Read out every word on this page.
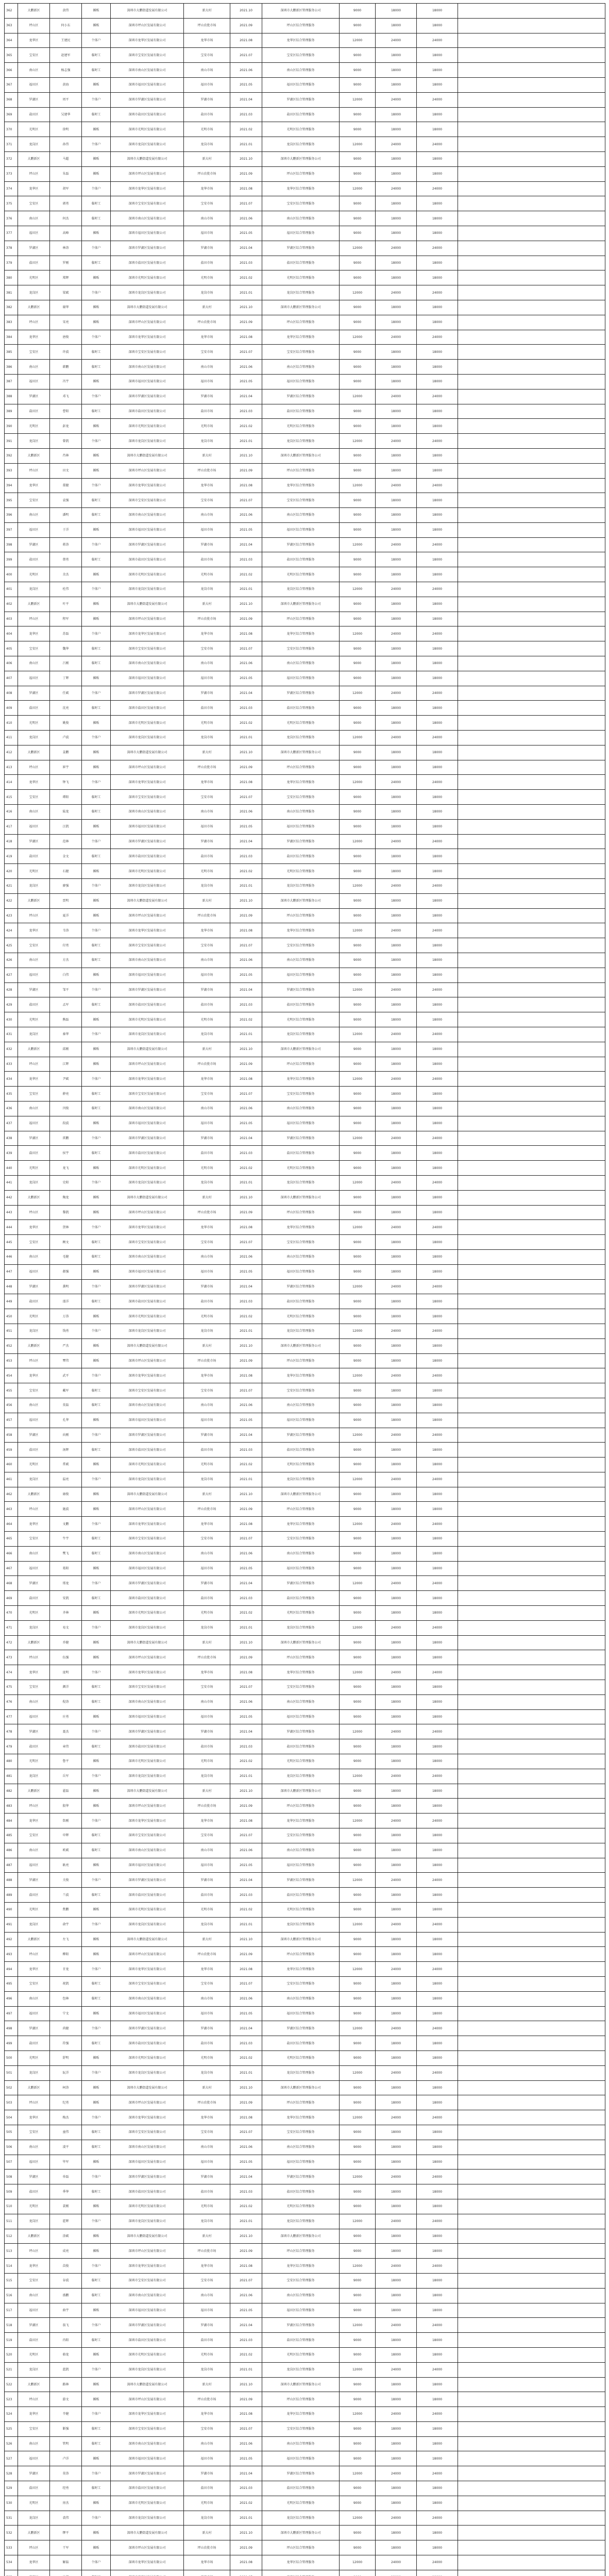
362	大鹏新区	黄伟	摊贩	深圳市大鹏街道发展有限公司	新大村	2021.10	深圳市大鹏新区管理服务公司	9000	18000	18000	
363	坪山区	何小东	摊贩	深圳市坪山区发展有限公司	坪山农批市场	2021.09	坪山区综合管理服务	9000	18000	18000	
364	龙华区	王建民	个体户	深圳市龙华区发展有限公司	龙华市场	2021.08	龙华区综合管理服务	12000	24000	24000	
365	宝安区	赵建军	临时工	深圳市宝安区发展有限公司	宝安市场	2021.07	宝安区综合管理服务	9000	18000	18000	
366	南山区	杨志强	临时工	深圳市南山区发展有限公司	南山市场	2021.06	南山区综合管理服务	9000	18000	18000	
367	福田区	黄海	摊贩	深圳市福田区发展有限公司	福田市场	2021.05	福田区综合管理服务	9000	18000	18000	
368	罗湖区	周平	个体户	深圳市罗湖区发展有限公司	罗湖市场	2021.04	罗湖区综合管理服务	12000	24000	24000	
369	盐田区	吴建华	临时工	深圳市盐田区发展有限公司	盐田市场	2021.03	盐田区综合管理服务	9000	18000	18000	
370	光明区	徐明	摊贩	深圳市光明区发展有限公司	光明市场	2021.02	光明区综合管理服务	9000	18000	18000	
371	龙岗区	孙伟	个体户	深圳市龙岗区发展有限公司	龙岗市场	2021.01	龙岗区综合管理服务	12000	24000	24000	
372	大鹏新区	马超	摊贩	深圳市大鹏街道发展有限公司	新大村	2021.10	深圳市大鹏新区管理服务公司	9000	18000	18000	
373	坪山区	朱磊	摊贩	深圳市坪山区发展有限公司	坪山农批市场	2021.09	坪山区综合管理服务	9000	18000	18000	
374	龙华区	胡军	个体户	深圳市龙华区发展有限公司	龙华市场	2021.08	龙华区综合管理服务	12000	24000	24000	
375	宝安区	郭勇	临时工	深圳市宝安区发展有限公司	宝安市场	2021.07	宝安区综合管理服务	9000	18000	18000	
376	南山区	何杰	临时工	深圳市南山区发展有限公司	南山市场	2021.06	南山区综合管理服务	9000	18000	18000	
377	福田区	高峰	摊贩	深圳市福田区发展有限公司	福田市场	2021.05	福田区综合管理服务	9000	18000	18000	
378	罗湖区	林涛	个体户	深圳市罗湖区发展有限公司	罗湖市场	2021.04	罗湖区综合管理服务	12000	24000	24000	
379	盐田区	罗刚	临时工	深圳市盐田区发展有限公司	盐田市场	2021.03	盐田区综合管理服务	9000	18000	18000	
380	光明区	郑辉	摊贩	深圳市光明区发展有限公司	光明市场	2021.02	光明区综合管理服务	9000	18000	18000	
381	龙岗区	梁斌	个体户	深圳市龙岗区发展有限公司	龙岗市场	2021.01	龙岗区综合管理服务	12000	24000	24000	
382	大鹏新区	谢华	摊贩	深圳市大鹏街道发展有限公司	新大村	2021.10	深圳市大鹏新区管理服务公司	9000	18000	18000	
383	坪山区	宋亮	摊贩	深圳市坪山区发展有限公司	坪山农批市场	2021.09	坪山区综合管理服务	9000	18000	18000	
384	龙华区	唐俊	个体户	深圳市龙华区发展有限公司	龙华市场	2021.08	龙华区综合管理服务	12000	24000	24000	
385	宝安区	许波	临时工	深圳市宝安区发展有限公司	宝安市场	2021.07	宝安区综合管理服务	9000	18000	18000	
386	南山区	韩鹏	临时工	深圳市南山区发展有限公司	南山市场	2021.06	南山区综合管理服务	9000	18000	18000	
387	福田区	冯宇	摊贩	深圳市福田区发展有限公司	福田市场	2021.05	福田区综合管理服务	9000	18000	18000	
388	罗湖区	邓飞	个体户	深圳市罗湖区发展有限公司	罗湖市场	2021.04	罗湖区综合管理服务	12000	24000	24000	
389	盐田区	曹阳	临时工	深圳市盐田区发展有限公司	盐田市场	2021.03	盐田区综合管理服务	9000	18000	18000	
390	光明区	彭龙	摊贩	深圳市光明区发展有限公司	光明市场	2021.02	光明区综合管理服务	9000	18000	18000	
391	龙岗区	曾凯	个体户	深圳市龙岗区发展有限公司	龙岗市场	2021.01	龙岗区综合管理服务	12000	24000	24000	
392	大鹏新区	肖林	摊贩	深圳市大鹏街道发展有限公司	新大村	2021.10	深圳市大鹏新区管理服务公司	9000	18000	18000	
393	坪山区	田文	摊贩	深圳市坪山区发展有限公司	坪山农批市场	2021.09	坪山区综合管理服务	9000	18000	18000	
394	龙华区	董健	个体户	深圳市龙华区发展有限公司	龙华市场	2021.08	龙华区综合管理服务	12000	24000	24000	
395	宝安区	袁强	临时工	深圳市宝安区发展有限公司	宝安市场	2021.07	宝安区综合管理服务	9000	18000	18000	
396	南山区	潘明	临时工	深圳市南山区发展有限公司	南山市场	2021.06	南山区综合管理服务	9000	18000	18000	
397	福田区	于洋	摊贩	深圳市福田区发展有限公司	福田市场	2021.05	福田区综合管理服务	9000	18000	18000	
398	罗湖区	蒋涛	个体户	深圳市罗湖区发展有限公司	罗湖市场	2021.04	罗湖区综合管理服务	12000	24000	24000	
399	盐田区	蔡勇	临时工	深圳市盐田区发展有限公司	盐田市场	2021.03	盐田区综合管理服务	9000	18000	18000	
400	光明区	余杰	摊贩	深圳市光明区发展有限公司	光明市场	2021.02	光明区综合管理服务	9000	18000	18000	
401	龙岗区	杜伟	个体户	深圳市龙岗区发展有限公司	龙岗市场	2021.01	龙岗区综合管理服务	12000	24000	24000	
402	大鹏新区	叶平	摊贩	深圳市大鹏街道发展有限公司	新大村	2021.10	深圳市大鹏新区管理服务公司	9000	18000	18000	
403	坪山区	程军	摊贩	深圳市坪山区发展有限公司	坪山农批市场	2021.09	坪山区综合管理服务	9000	18000	18000	
404	龙华区	苏磊	个体户	深圳市龙华区发展有限公司	龙华市场	2021.08	龙华区综合管理服务	12000	24000	24000	
405	宝安区	魏华	临时工	深圳市宝安区发展有限公司	宝安市场	2021.07	宝安区综合管理服务	9000	18000	18000	
406	南山区	吕刚	临时工	深圳市南山区发展有限公司	南山市场	2021.06	南山区综合管理服务	9000	18000	18000	
407	福田区	丁辉	摊贩	深圳市福田区发展有限公司	福田市场	2021.05	福田区综合管理服务	9000	18000	18000	
408	罗湖区	任斌	个体户	深圳市罗湖区发展有限公司	罗湖市场	2021.04	罗湖区综合管理服务	12000	24000	24000	
409	盐田区	沈亮	临时工	深圳市盐田区发展有限公司	盐田市场	2021.03	盐田区综合管理服务	9000	18000	18000	
410	光明区	姚俊	摊贩	深圳市光明区发展有限公司	光明市场	2021.02	光明区综合管理服务	9000	18000	18000	
411	龙岗区	卢波	个体户	深圳市龙岗区发展有限公司	龙岗市场	2021.01	龙岗区综合管理服务	12000	24000	24000	
412	大鹏新区	姜鹏	摊贩	深圳市大鹏街道发展有限公司	新大村	2021.10	深圳市大鹏新区管理服务公司	9000	18000	18000	
413	坪山区	崔宇	摊贩	深圳市坪山区发展有限公司	坪山农批市场	2021.09	坪山区综合管理服务	9000	18000	18000	
414	龙华区	钟飞	个体户	深圳市龙华区发展有限公司	龙华市场	2021.08	龙华区综合管理服务	12000	24000	24000	
415	宝安区	谭阳	临时工	深圳市宝安区发展有限公司	宝安市场	2021.07	宝安区综合管理服务	9000	18000	18000	
416	南山区	陆龙	临时工	深圳市南山区发展有限公司	南山市场	2021.06	南山区综合管理服务	9000	18000	18000	
417	福田区	汪凯	摊贩	深圳市福田区发展有限公司	福田市场	2021.05	福田区综合管理服务	9000	18000	18000	
418	罗湖区	范林	个体户	深圳市罗湖区发展有限公司	罗湖市场	2021.04	罗湖区综合管理服务	12000	24000	24000	
419	盐田区	金文	临时工	深圳市盐田区发展有限公司	盐田市场	2021.03	盐田区综合管理服务	9000	18000	18000	
420	光明区	石健	摊贩	深圳市光明区发展有限公司	光明市场	2021.02	光明区综合管理服务	9000	18000	18000	
421	龙岗区	廖强	个体户	深圳市龙岗区发展有限公司	龙岗市场	2021.01	龙岗区综合管理服务	12000	24000	24000	
422	大鹏新区	贾明	摊贩	深圳市大鹏街道发展有限公司	新大村	2021.10	深圳市大鹏新区管理服务公司	9000	18000	18000	
423	坪山区	夏洋	摊贩	深圳市坪山区发展有限公司	坪山农批市场	2021.09	坪山区综合管理服务	9000	18000	18000	
424	龙华区	韦涛	个体户	深圳市龙华区发展有限公司	龙华市场	2021.08	龙华区综合管理服务	12000	24000	24000	
425	宝安区	付勇	临时工	深圳市宝安区发展有限公司	宝安市场	2021.07	宝安区综合管理服务	9000	18000	18000	
426	南山区	方杰	临时工	深圳市南山区发展有限公司	南山市场	2021.06	南山区综合管理服务	9000	18000	18000	
427	福田区	白伟	摊贩	深圳市福田区发展有限公司	福田市场	2021.05	福田区综合管理服务	9000	18000	18000	
428	罗湖区	邹平	个体户	深圳市罗湖区发展有限公司	罗湖市场	2021.04	罗湖区综合管理服务	12000	24000	24000	
429	盐田区	孟军	临时工	深圳市盐田区发展有限公司	盐田市场	2021.03	盐田区综合管理服务	9000	18000	18000	
430	光明区	熊磊	摊贩	深圳市光明区发展有限公司	光明市场	2021.02	光明区综合管理服务	9000	18000	18000	
431	龙岗区	秦华	个体户	深圳市龙岗区发展有限公司	龙岗市场	2021.01	龙岗区综合管理服务	12000	24000	24000	
432	大鹏新区	邱刚	摊贩	深圳市大鹏街道发展有限公司	新大村	2021.10	深圳市大鹏新区管理服务公司	9000	18000	18000	
433	坪山区	江辉	摊贩	深圳市坪山区发展有限公司	坪山农批市场	2021.09	坪山区综合管理服务	9000	18000	18000	
434	龙华区	尹斌	个体户	深圳市龙华区发展有限公司	龙华市场	2021.08	龙华区综合管理服务	12000	24000	24000	
435	宝安区	薛亮	临时工	深圳市宝安区发展有限公司	宝安市场	2021.07	宝安区综合管理服务	9000	18000	18000	
436	南山区	闫俊	临时工	深圳市南山区发展有限公司	南山市场	2021.06	南山区综合管理服务	9000	18000	18000	
437	福田区	段波	摊贩	深圳市福田区发展有限公司	福田市场	2021.05	福田区综合管理服务	9000	18000	18000	
438	罗湖区	雷鹏	个体户	深圳市罗湖区发展有限公司	罗湖市场	2021.04	罗湖区综合管理服务	12000	24000	24000	
439	盐田区	侯宇	临时工	深圳市盐田区发展有限公司	盐田市场	2021.03	盐田区综合管理服务	9000	18000	18000	
440	光明区	龙飞	摊贩	深圳市光明区发展有限公司	光明市场	2021.02	光明区综合管理服务	9000	18000	18000	
441	龙岗区	史阳	个体户	深圳市龙岗区发展有限公司	龙岗市场	2021.01	龙岗区综合管理服务	12000	24000	24000	
442	大鹏新区	陶龙	摊贩	深圳市大鹏街道发展有限公司	新大村	2021.10	深圳市大鹏新区管理服务公司	9000	18000	18000	
443	坪山区	黎凯	摊贩	深圳市坪山区发展有限公司	坪山农批市场	2021.09	坪山区综合管理服务	9000	18000	18000	
444	龙华区	贺林	个体户	深圳市龙华区发展有限公司	龙华市场	2021.08	龙华区综合管理服务	12000	24000	24000	
445	宝安区	顾文	临时工	深圳市宝安区发展有限公司	宝安市场	2021.07	宝安区综合管理服务	9000	18000	18000	
446	南山区	毛健	临时工	深圳市南山区发展有限公司	南山市场	2021.06	南山区综合管理服务	9000	18000	18000	
447	福田区	郝强	摊贩	深圳市福田区发展有限公司	福田市场	2021.05	福田区综合管理服务	9000	18000	18000	
448	罗湖区	龚明	个体户	深圳市罗湖区发展有限公司	罗湖市场	2021.04	罗湖区综合管理服务	12000	24000	24000	
449	盐田区	邵洋	临时工	深圳市盐田区发展有限公司	盐田市场	2021.03	盐田区综合管理服务	9000	18000	18000	
450	光明区	万涛	摊贩	深圳市光明区发展有限公司	光明市场	2021.02	光明区综合管理服务	9000	18000	18000	
451	龙岗区	钱勇	个体户	深圳市龙岗区发展有限公司	龙岗市场	2021.01	龙岗区综合管理服务	12000	24000	24000	
452	大鹏新区	严杰	摊贩	深圳市大鹏街道发展有限公司	新大村	2021.10	深圳市大鹏新区管理服务公司	9000	18000	18000	
453	坪山区	覃伟	摊贩	深圳市坪山区发展有限公司	坪山农批市场	2021.09	坪山区综合管理服务	9000	18000	18000	
454	龙华区	武平	个体户	深圳市龙华区发展有限公司	龙华市场	2021.08	龙华区综合管理服务	12000	24000	24000	
455	宝安区	戴军	临时工	深圳市宝安区发展有限公司	宝安市场	2021.07	宝安区综合管理服务	9000	18000	18000	
456	南山区	莫磊	临时工	深圳市南山区发展有限公司	南山市场	2021.06	南山区综合管理服务	9000	18000	18000	
457	福田区	孔华	摊贩	深圳市福田区发展有限公司	福田市场	2021.05	福田区综合管理服务	9000	18000	18000	
458	罗湖区	向刚	个体户	深圳市罗湖区发展有限公司	罗湖市场	2021.04	罗湖区综合管理服务	12000	24000	24000	
459	盐田区	汤辉	临时工	深圳市盐田区发展有限公司	盐田市场	2021.03	盐田区综合管理服务	9000	18000	18000	
460	光明区	常斌	摊贩	深圳市光明区发展有限公司	光明市场	2021.02	光明区综合管理服务	9000	18000	18000	
461	龙岗区	温亮	个体户	深圳市龙岗区发展有限公司	龙岗市场	2021.01	龙岗区综合管理服务	12000	24000	24000	
462	大鹏新区	康俊	摊贩	深圳市大鹏街道发展有限公司	新大村	2021.10	深圳市大鹏新区管理服务公司	9000	18000	18000	
463	坪山区	施波	摊贩	深圳市坪山区发展有限公司	坪山农批市场	2021.09	坪山区综合管理服务	9000	18000	18000	
464	龙华区	文鹏	个体户	深圳市龙华区发展有限公司	龙华市场	2021.08	龙华区综合管理服务	12000	24000	24000	
465	宝安区	牛宇	临时工	深圳市宝安区发展有限公司	宝安市场	2021.07	宝安区综合管理服务	9000	18000	18000	
466	南山区	樊飞	临时工	深圳市南山区发展有限公司	南山市场	2021.06	南山区综合管理服务	9000	18000	18000	
467	福田区	葛阳	摊贩	深圳市福田区发展有限公司	福田市场	2021.05	福田区综合管理服务	9000	18000	18000	
468	罗湖区	邢龙	个体户	深圳市罗湖区发展有限公司	罗湖市场	2021.04	罗湖区综合管理服务	12000	24000	24000	
469	盐田区	安凯	临时工	深圳市盐田区发展有限公司	盐田市场	2021.03	盐田区综合管理服务	9000	18000	18000	
470	光明区	齐林	摊贩	深圳市光明区发展有限公司	光明市场	2021.02	光明区综合管理服务	9000	18000	18000	
471	龙岗区	易文	个体户	深圳市龙岗区发展有限公司	龙岗市场	2021.01	龙岗区综合管理服务	12000	24000	24000	
472	大鹏新区	乔健	摊贩	深圳市大鹏街道发展有限公司	新大村	2021.10	深圳市大鹏新区管理服务公司	9000	18000	18000	
473	坪山区	伍强	摊贩	深圳市坪山区发展有限公司	坪山农批市场	2021.09	坪山区综合管理服务	9000	18000	18000	
474	龙华区	庞明	个体户	深圳市龙华区发展有限公司	龙华市场	2021.08	龙华区综合管理服务	12000	24000	24000	
475	宝安区	颜洋	临时工	深圳市宝安区发展有限公司	宝安市场	2021.07	宝安区综合管理服务	9000	18000	18000	
476	南山区	倪涛	临时工	深圳市南山区发展有限公司	南山市场	2021.06	南山区综合管理服务	9000	18000	18000	
477	福田区	庄勇	摊贩	深圳市福田区发展有限公司	福田市场	2021.05	福田区综合管理服务	9000	18000	18000	
478	罗湖区	聂杰	个体户	深圳市罗湖区发展有限公司	罗湖市场	2021.04	罗湖区综合管理服务	12000	24000	24000	
479	盐田区	章伟	临时工	深圳市盐田区发展有限公司	盐田市场	2021.03	盐田区综合管理服务	9000	18000	18000	
480	光明区	鲁平	摊贩	深圳市光明区发展有限公司	光明市场	2021.02	光明区综合管理服务	9000	18000	18000	
481	龙岗区	岳军	个体户	深圳市龙岗区发展有限公司	龙岗市场	2021.01	龙岗区综合管理服务	12000	24000	24000	
482	大鹏新区	翟磊	摊贩	深圳市大鹏街道发展有限公司	新大村	2021.10	深圳市大鹏新区管理服务公司	9000	18000	18000	
483	坪山区	殷华	摊贩	深圳市坪山区发展有限公司	坪山农批市场	2021.09	坪山区综合管理服务	9000	18000	18000	
484	龙华区	詹刚	个体户	深圳市龙华区发展有限公司	龙华市场	2021.08	龙华区综合管理服务	12000	24000	24000	
485	宝安区	申辉	临时工	深圳市宝安区发展有限公司	宝安市场	2021.07	宝安区综合管理服务	9000	18000	18000	
486	南山区	欧斌	临时工	深圳市南山区发展有限公司	南山市场	2021.06	南山区综合管理服务	9000	18000	18000	
487	福田区	耿亮	摊贩	深圳市福田区发展有限公司	福田市场	2021.05	福田区综合管理服务	9000	18000	18000	
488	罗湖区	关俊	个体户	深圳市罗湖区发展有限公司	罗湖市场	2021.04	罗湖区综合管理服务	12000	24000	24000	
489	盐田区	兰波	临时工	深圳市盐田区发展有限公司	盐田市场	2021.03	盐田区综合管理服务	9000	18000	18000	
490	光明区	焦鹏	摊贩	深圳市光明区发展有限公司	光明市场	2021.02	光明区综合管理服务	9000	18000	18000	
491	龙岗区	俞宇	个体户	深圳市龙岗区发展有限公司	龙岗市场	2021.01	龙岗区综合管理服务	12000	24000	24000	
492	大鹏新区	左飞	摊贩	深圳市大鹏街道发展有限公司	新大村	2021.10	深圳市大鹏新区管理服务公司	9000	18000	18000	
493	坪山区	柳阳	摊贩	深圳市坪山区发展有限公司	坪山农批市场	2021.09	坪山区综合管理服务	9000	18000	18000	
494	龙华区	甘龙	个体户	深圳市龙华区发展有限公司	龙华市场	2021.08	龙华区综合管理服务	12000	24000	24000	
495	宝安区	祝凯	临时工	深圳市宝安区发展有限公司	宝安市场	2021.07	宝安区综合管理服务	9000	18000	18000	
496	南山区	包林	临时工	深圳市南山区发展有限公司	南山市场	2021.06	南山区综合管理服务	9000	18000	18000	
497	福田区	宁文	摊贩	深圳市福田区发展有限公司	福田市场	2021.05	福田区综合管理服务	9000	18000	18000	
498	罗湖区	尚健	个体户	深圳市罗湖区发展有限公司	罗湖市场	2021.04	罗湖区综合管理服务	12000	24000	24000	
499	盐田区	符强	临时工	深圳市盐田区发展有限公司	盐田市场	2021.03	盐田区综合管理服务	9000	18000	18000	
500	光明区	舒明	摊贩	深圳市光明区发展有限公司	光明市场	2021.02	光明区综合管理服务	9000	18000	18000	
501	龙岗区	阮洋	个体户	深圳市龙岗区发展有限公司	龙岗市场	2021.01	龙岗区综合管理服务	12000	24000	24000	
502	大鹏新区	柯涛	摊贩	深圳市大鹏街道发展有限公司	新大村	2021.10	深圳市大鹏新区管理服务公司	9000	18000	18000	
503	坪山区	纪勇	摊贩	深圳市坪山区发展有限公司	坪山农批市场	2021.09	坪山区综合管理服务	9000	18000	18000	
504	龙华区	梅杰	个体户	深圳市龙华区发展有限公司	龙华市场	2021.08	龙华区综合管理服务	12000	24000	24000	
505	宝安区	童伟	临时工	深圳市宝安区发展有限公司	宝安市场	2021.07	宝安区综合管理服务	9000	18000	18000	
506	南山区	凌平	临时工	深圳市南山区发展有限公司	南山市场	2021.06	南山区综合管理服务	9000	18000	18000	
507	福田区	毕军	摊贩	深圳市福田区发展有限公司	福田市场	2021.05	福田区综合管理服务	9000	18000	18000	
508	罗湖区	单磊	个体户	深圳市罗湖区发展有限公司	罗湖市场	2021.04	罗湖区综合管理服务	12000	24000	24000	
509	盐田区	季华	临时工	深圳市盐田区发展有限公司	盐田市场	2021.03	盐田区综合管理服务	9000	18000	18000	
510	光明区	裴刚	摊贩	深圳市光明区发展有限公司	光明市场	2021.02	光明区综合管理服务	9000	18000	18000	
511	龙岗区	霍辉	个体户	深圳市龙岗区发展有限公司	龙岗市场	2021.01	龙岗区综合管理服务	12000	24000	24000	
512	大鹏新区	涂斌	摊贩	深圳市大鹏街道发展有限公司	新大村	2021.10	深圳市大鹏新区管理服务公司	9000	18000	18000	
513	坪山区	成亮	摊贩	深圳市坪山区发展有限公司	坪山农批市场	2021.09	坪山区综合管理服务	9000	18000	18000	
514	龙华区	苗俊	个体户	深圳市龙华区发展有限公司	龙华市场	2021.08	龙华区综合管理服务	12000	24000	24000	
515	宝安区	谷波	临时工	深圳市宝安区发展有限公司	宝安市场	2021.07	宝安区综合管理服务	9000	18000	18000	
516	南山区	盛鹏	临时工	深圳市南山区发展有限公司	南山市场	2021.06	南山区综合管理服务	9000	18000	18000	
517	福田区	曲宇	摊贩	深圳市福田区发展有限公司	福田市场	2021.05	福田区综合管理服务	9000	18000	18000	
518	罗湖区	翁飞	个体户	深圳市罗湖区发展有限公司	罗湖市场	2021.04	罗湖区综合管理服务	12000	24000	24000	
519	盐田区	冉阳	临时工	深圳市盐田区发展有限公司	盐田市场	2021.03	盐田区综合管理服务	9000	18000	18000	
520	光明区	骆龙	摊贩	深圳市光明区发展有限公司	光明市场	2021.02	光明区综合管理服务	9000	18000	18000	
521	龙岗区	蓝凯	个体户	深圳市龙岗区发展有限公司	龙岗市场	2021.01	龙岗区综合管理服务	12000	24000	24000	
522	大鹏新区	路林	摊贩	深圳市大鹏街道发展有限公司	新大村	2021.10	深圳市大鹏新区管理服务公司	9000	18000	18000	
523	坪山区	游文	摊贩	深圳市坪山区发展有限公司	坪山农批市场	2021.09	坪山区综合管理服务	9000	18000	18000	
524	龙华区	辛健	个体户	深圳市龙华区发展有限公司	龙华市场	2021.08	龙华区综合管理服务	12000	24000	24000	
525	宝安区	靳强	临时工	深圳市宝安区发展有限公司	宝安市场	2021.07	宝安区综合管理服务	9000	18000	18000	
526	南山区	管明	临时工	深圳市南山区发展有限公司	南山市场	2021.06	南山区综合管理服务	9000	18000	18000	
527	福田区	卢洋	摊贩	深圳市福田区发展有限公司	福田市场	2021.05	福田区综合管理服务	9000	18000	18000	
528	罗湖区	莫涛	个体户	深圳市罗湖区发展有限公司	罗湖市场	2021.04	罗湖区综合管理服务	12000	24000	24000	
529	盐田区	经勇	临时工	深圳市盐田区发展有限公司	盐田市场	2021.03	盐田区综合管理服务	9000	18000	18000	
530	光明区	房杰	摊贩	深圳市光明区发展有限公司	光明市场	2021.02	光明区综合管理服务	9000	18000	18000	
531	龙岗区	裘伟	个体户	深圳市龙岗区发展有限公司	龙岗市场	2021.01	龙岗区综合管理服务	12000	24000	24000	
532	大鹏新区	缪平	摊贩	深圳市大鹏街道发展有限公司	新大村	2021.10	深圳市大鹏新区管理服务公司	9000	18000	18000	
533	坪山区	干军	摊贩	深圳市坪山区发展有限公司	坪山农批市场	2021.09	坪山区综合管理服务	9000	18000	18000	
534	龙华区	解磊	个体户	深圳市龙华区发展有限公司	龙华市场	2021.08	龙华区综合管理服务	12000	24000	24000	
